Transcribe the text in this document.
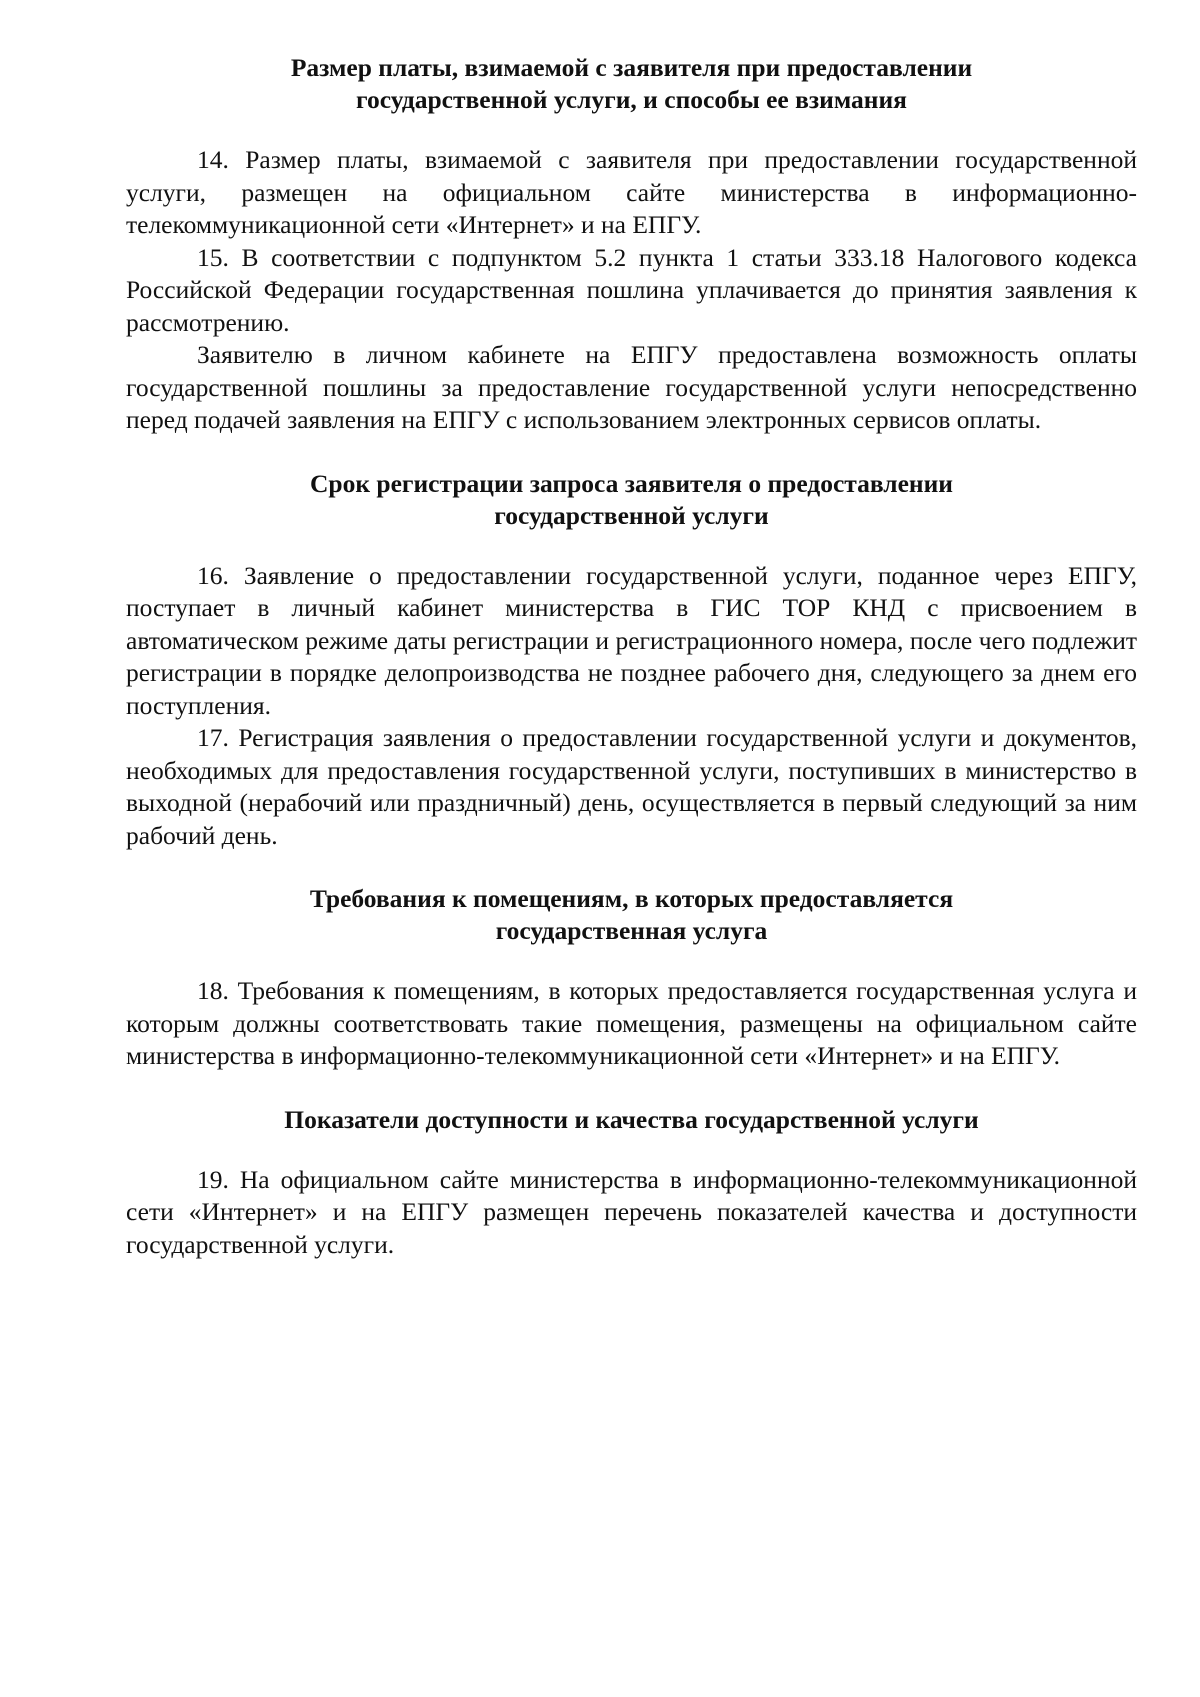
Размер платы, взимаемой с заявителя при предоставлении
государственной услуги, и способы ее взимания

14. Размер платы, взимаемой с заявителя при предоставлении государственной услуги, размещен на официальном сайте министерства в информационно-телекоммуникационной сети «Интернет» и на ЕПГУ.

15. В соответствии с подпунктом 5.2 пункта 1 статьи 333.18 Налогового кодекса Российской Федерации государственная пошлина уплачивается до принятия заявления к рассмотрению.

Заявителю в личном кабинете на ЕПГУ предоставлена возможность оплаты государственной пошлины за предоставление государственной услуги непосредственно перед подачей заявления на ЕПГУ с использованием электронных сервисов оплаты.

Срок регистрации запроса заявителя о предоставлении
государственной услуги

16. Заявление о предоставлении государственной услуги, поданное через ЕПГУ, поступает в личный кабинет министерства в ГИС ТОР КНД с присвоением в автоматическом режиме даты регистрации и регистрационного номера, после чего подлежит регистрации в порядке делопроизводства не позднее рабочего дня, следующего за днем его поступления.

17. Регистрация заявления о предоставлении государственной услуги и документов, необходимых для предоставления государственной услуги, поступивших в министерство в выходной (нерабочий или праздничный) день, осуществляется в первый следующий за ним рабочий день.

Требования к помещениям, в которых предоставляется
государственная услуга

18. Требования к помещениям, в которых предоставляется государственная услуга и которым должны соответствовать такие помещения, размещены на официальном сайте министерства в информационно-телекоммуникационной сети «Интернет» и на ЕПГУ.

Показатели доступности и качества государственной услуги

19. На официальном сайте министерства в информационно-телекоммуникационной сети «Интернет» и на ЕПГУ размещен перечень показателей качества и доступности государственной услуги.
